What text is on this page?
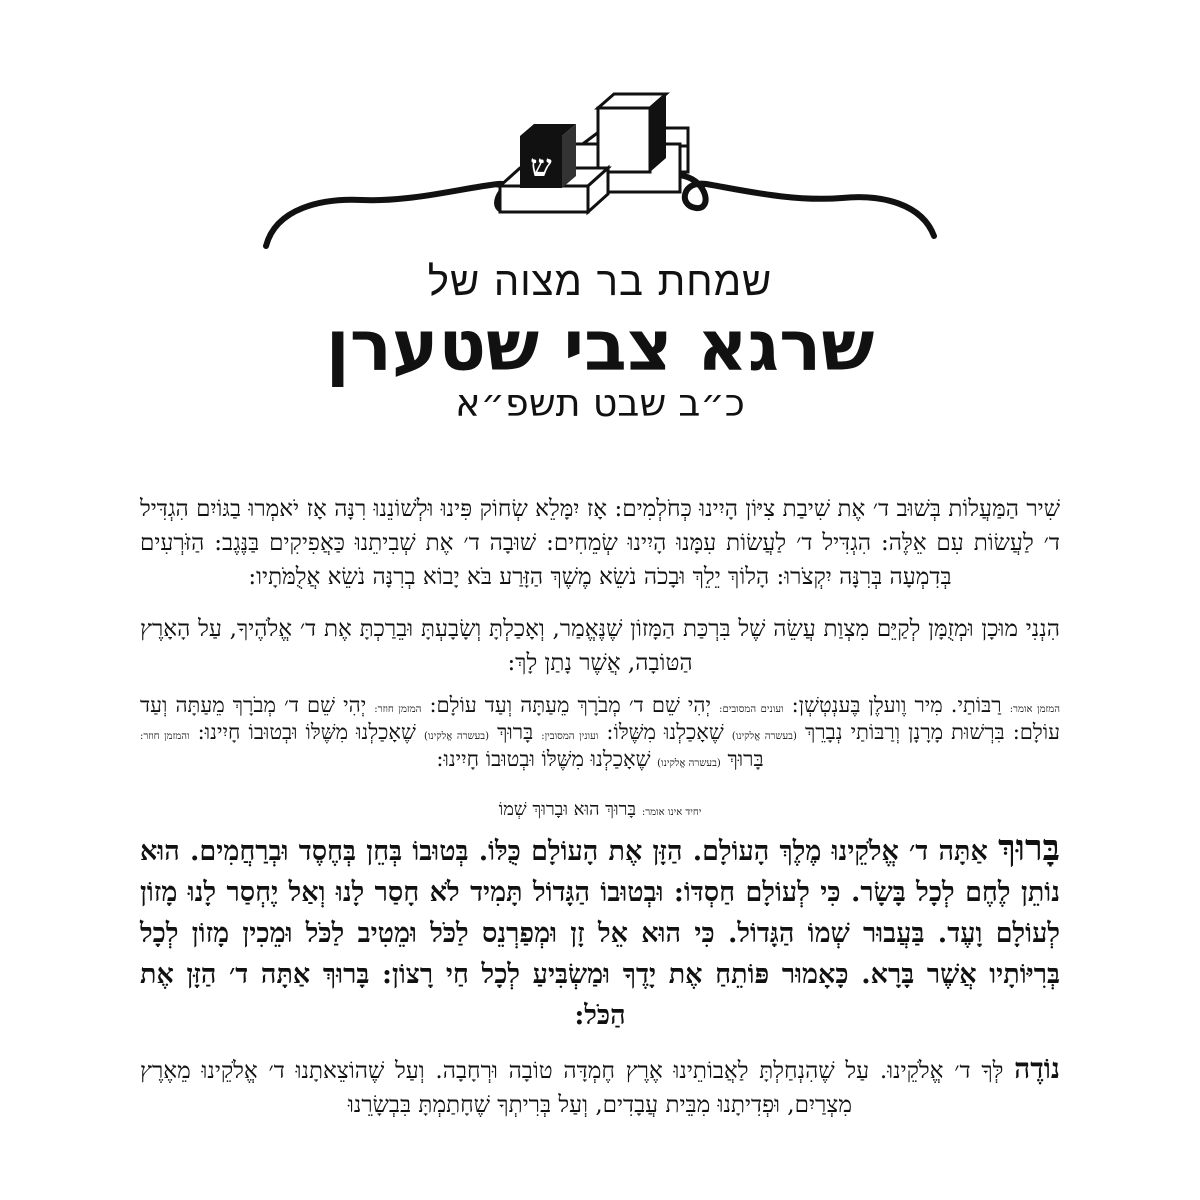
ש
שמחת בר מצוה של
שרגא צבי שטערן
כ״ב שבט תשפ״א

שִׁיר הַמַּעֲלוֹת בְּשׁוּב ד׳ אֶת שִׁיבַת צִיּוֹן הָיִינוּ כְּחֹלְמִים: אָז יִמָּלֵא שְׂחוֹק פִּינוּ וּלְשׁוֹנֵנוּ רִנָּה אָז יֹאמְרוּ בַגּוֹיִם הִגְדִּיל ד׳ לַעֲשׂוֹת עִם אֵלֶּה: הִגְדִּיל ד׳ לַעֲשׂוֹת עִמָּנוּ הָיִינוּ שְׂמֵחִים: שׁוּבָה ד׳ אֶת שְׁבִיתֵנוּ כַּאֲפִיקִים בַּנֶּגֶב: הַזֹּרְעִים בְּדִמְעָה בְּרִנָּה יִקְצֹרוּ: הָלוֹךְ יֵלֵךְ וּבָכֹה נֹשֵׂא מֶשֶׁךְ הַזָּרַע בֹּא יָבוֹא בְרִנָּה נֹשֵׂא אֲלֻמֹּתָיו:

הִנְנִי מוּכָן וּמְזֻמָּן לְקַיֵּם מִצְוַת עֲשֵׂה שֶׁל בִּרְכַּת הַמָּזוֹן שֶׁנֶּאֱמַר, וְאָכַלְתָּ וְשָׂבָעְתָּ וּבֵרַכְתָּ אֶת ד׳ אֱלֹהֶיךָ, עַל הָאָרֶץ הַטּוֹבָה, אֲשֶׁר נָתַן לָךְ:

המזמן אומר: רַבּוֹתַי. מִיר וֶועלֶן בֶּענְטְשְׁן: ועונים המסובים: יְהִי שֵׁם ד׳ מְבֹרָךְ מֵעַתָּה וְעַד עוֹלָם: המזמן חוזר: יְהִי שֵׁם ד׳ מְבֹרָךְ מֵעַתָּה וְעַד עוֹלָם: בִּרְשׁוּת מָרָנָן וְרַבּוֹתַי נְבָרֵךְ (בעשרה אֱלקינו) שֶׁאָכַלְנוּ מִשֶּׁלּוֹ: ועונין המסובין: בָּרוּךְ (בעשרה אֱלקינו) שֶׁאָכַלְנוּ מִשֶּׁלּוֹ וּבְטוּבוֹ חָיִינוּ: והמזמן חוזר: בָּרוּךְ (בעשרה אֱלקינו) שֶׁאָכַלְנוּ מִשֶּׁלּוֹ וּבְטוּבוֹ חָיִינוּ:

יחיד אינו אומר: בָּרוּךְ הוּא וּבָרוּךְ שְׁמוֹ

בָּרוּךְ אַתָּה ד׳ אֱלֹקֵינוּ מֶלֶךְ הָעוֹלָם. הַזָּן אֶת הָעוֹלָם כֻּלּוֹ. בְּטוּבוֹ בְּחֵן בְּחֶסֶד וּבְרַחֲמִים. הוּא נוֹתֵן לֶחֶם לְכָל בָּשָׂר. כִּי לְעוֹלָם חַסְדּוֹ: וּבְטוּבוֹ הַגָּדוֹל תָּמִיד לֹא חָסַר לָנוּ וְאַל יֶחְסַר לָנוּ מָזוֹן לְעוֹלָם וָעֶד. בַּעֲבוּר שְׁמוֹ הַגָּדוֹל. כִּי הוּא אֵל זָן וּמְפַרְנֵס לַכֹּל וּמֵטִיב לַכֹּל וּמֵכִין מָזוֹן לְכָל בְּרִיּוֹתָיו אֲשֶׁר בָּרָא. כָּאָמוּר פּוֹתֵחַ אֶת יָדֶךָ וּמַשְׂבִּיעַ לְכָל חַי רָצוֹן: בָּרוּךְ אַתָּה ד׳ הַזָּן אֶת הַכֹּל:

נוֹדֶה לְּךָ ד׳ אֱלֹקֵינוּ. עַל שֶׁהִנְחַלְתָּ לַאֲבוֹתֵינוּ אֶרֶץ חֶמְדָּה טוֹבָה וּרְחָבָה. וְעַל שֶׁהוֹצֵאתָנוּ ד׳ אֱלֹקֵינוּ מֵאֶרֶץ מִצְרַיִם, וּפְדִיתָנוּ מִבֵּית עֲבָדִים, וְעַל בְּרִיתְךָ שֶׁחָתַמְתָּ בִּבְשָׂרֵנוּ
